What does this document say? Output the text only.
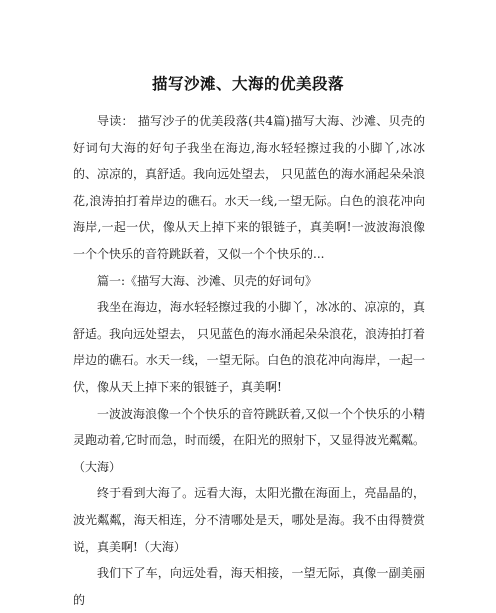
描写沙滩、大海的优美段落

导读： 描写沙子的优美段落(共4篇)描写大海、沙滩、贝壳的好词句大海的好句子我坐在海边,海水轻轻擦过我的小脚丫,冰冰的、凉凉的，真舒适。我向远处望去， 只见蓝色的海水涌起朵朵浪花,浪涛拍打着岸边的礁石。水天一线,一望无际。白色的浪花冲向海岸,一起一伏，像从天上掉下来的银链子，真美啊!一波波海浪像一个个快乐的音符跳跃着，又似一个个快乐的...

篇一:《描写大海、沙滩、贝壳的好词句》

我坐在海边，海水轻轻擦过我的小脚丫，冰冰的、凉凉的，真舒适。我向远处望去， 只见蓝色的海水涌起朵朵浪花，浪涛拍打着岸边的礁石。水天一线，一望无际。白色的浪花冲向海岸，一起一伏，像从天上掉下来的银链子，真美啊!

一波波海浪像一个个快乐的音符跳跃着,又似一个个快乐的小精灵跑动着,它时而急，时而缓，在阳光的照射下，又显得波光粼粼。（大海）

终于看到大海了。远看大海，太阳光撒在海面上，亮晶晶的，波光粼粼，海天相连，分不清哪处是天，哪处是海。我不由得赞赏说，真美啊!（大海）

我们下了车，向远处看，海天相接，一望无际，真像一副美丽的
